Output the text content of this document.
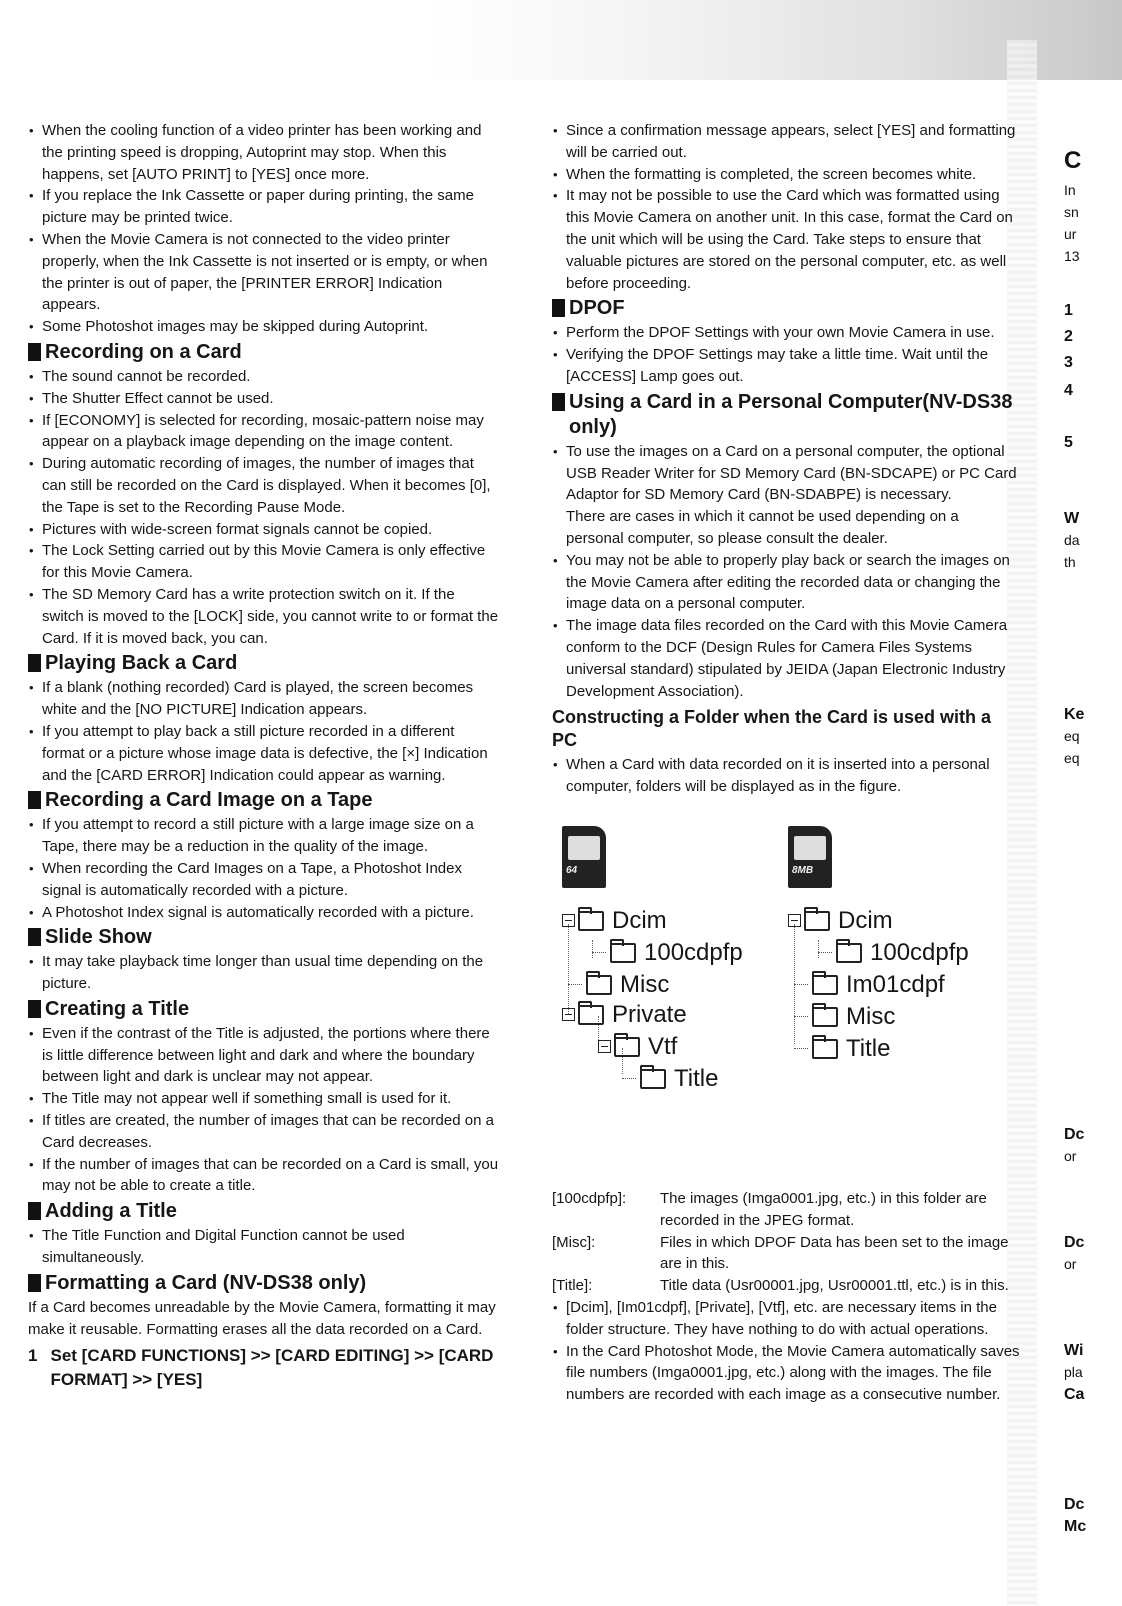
• When the cooling function of a video printer has been working and the printing speed is dropping, Autoprint may stop. When this happens, set [AUTO PRINT] to [YES] once more.

• If you replace the Ink Cassette or paper during printing, the same picture may be printed twice.

• When the Movie Camera is not connected to the video printer properly, when the Ink Cassette is not inserted or is empty, or when the printer is out of paper, the [PRINTER ERROR] Indication appears.

• Some Photoshot images may be skipped during Autoprint.

Recording on a Card

• The sound cannot be recorded.

• The Shutter Effect cannot be used.

• If [ECONOMY] is selected for recording, mosaic-pattern noise may appear on a playback image depending on the image content.

• During automatic recording of images, the number of images that can still be recorded on the Card is displayed. When it becomes [0], the Tape is set to the Recording Pause Mode.

• Pictures with wide-screen format signals cannot be copied.

• The Lock Setting carried out by this Movie Camera is only effective for this Movie Camera.

• The SD Memory Card has a write protection switch on it. If the switch is moved to the [LOCK] side, you cannot write to or format the Card. If it is moved back, you can.

Playing Back a Card

• If a blank (nothing recorded) Card is played, the screen becomes white and the [NO PICTURE] Indication appears.

• If you attempt to play back a still picture recorded in a different format or a picture whose image data is defective, the [×] Indication and the [CARD ERROR] Indication could appear as warning.

Recording a Card Image on a Tape

• If you attempt to record a still picture with a large image size on a Tape, there may be a reduction in the quality of the image.

• When recording the Card Images on a Tape, a Photoshot Index signal is automatically recorded with a picture.

• A Photoshot Index signal is automatically recorded with a picture.

Slide Show

• It may take playback time longer than usual time depending on the picture.

Creating a Title

• Even if the contrast of the Title is adjusted, the portions where there is little difference between light and dark and where the boundary between light and dark is unclear may not appear.

• The Title may not appear well if something small is used for it.

• If titles are created, the number of images that can be recorded on a Card decreases.

• If the number of images that can be recorded on a Card is small, you may not be able to create a title.

Adding a Title

• The Title Function and Digital Function cannot be used simultaneously.

Formatting a Card (NV-DS38 only)

If a Card becomes unreadable by the Movie Camera, formatting it may make it reusable. Formatting erases all the data recorded on a Card.

1 Set [CARD FUNCTIONS] >> [CARD EDITING] >> [CARD FORMAT] >> [YES]

• Since a confirmation message appears, select [YES] and formatting will be carried out.

• When the formatting is completed, the screen becomes white.

• It may not be possible to use the Card which was formatted using this Movie Camera on another unit. In this case, format the Card on the unit which will be using the Card. Take steps to ensure that valuable pictures are stored on the personal computer, etc. as well before proceeding.

DPOF

• Perform the DPOF Settings with your own Movie Camera in use.

• Verifying the DPOF Settings may take a little time. Wait until the [ACCESS] Lamp goes out.

Using a Card in a Personal Computer(NV-DS38 only)

• To use the images on a Card on a personal computer, the optional USB Reader Writer for SD Memory Card (BN-SDCAPE) or PC Card Adaptor for SD Memory Card (BN-SDABPE) is necessary.

There are cases in which it cannot be used depending on a personal computer, so please consult the dealer.

• You may not be able to properly play back or search the images on the Movie Camera after editing the recorded data or changing the image data on a personal computer.

• The image data files recorded on the Card with this Movie Camera conform to the DCF (Design Rules for Camera Files Systems universal standard) stipulated by JEIDA (Japan Electronic Industry Development Association).

Constructing a Folder when the Card is used with a PC

• When a Card with data recorded on it is inserted into a personal computer, folders will be displayed as in the figure.

64	8MB
Dcim
100cdpfp
Misc
Private
Vtf
Title
Dcim
100cdpfp
Im01cdpf
Misc
Title
[100cdpfp]:	The images (Imga0001.jpg, etc.) in this folder are recorded in the JPEG format.
[Misc]:	Files in which DPOF Data has been set to the image are in this.
[Title]:	Title data (Usr00001.jpg, Usr00001.ttl, etc.) is in this.

• [Dcim], [Im01cdpf], [Private], [Vtf], etc. are necessary items in the folder structure. They have nothing to do with actual operations.

• In the Card Photoshot Mode, the Movie Camera automatically saves file numbers (Imga0001.jpg, etc.) along with the images. The file numbers are recorded with each image as a consecutive number.

C
In
sn
ur
13
1
2
3
4
5
W
da
th
Ke
eq
eq
Dc
or
Dc
or
Wi
pla
Ca
Dc
Mc
